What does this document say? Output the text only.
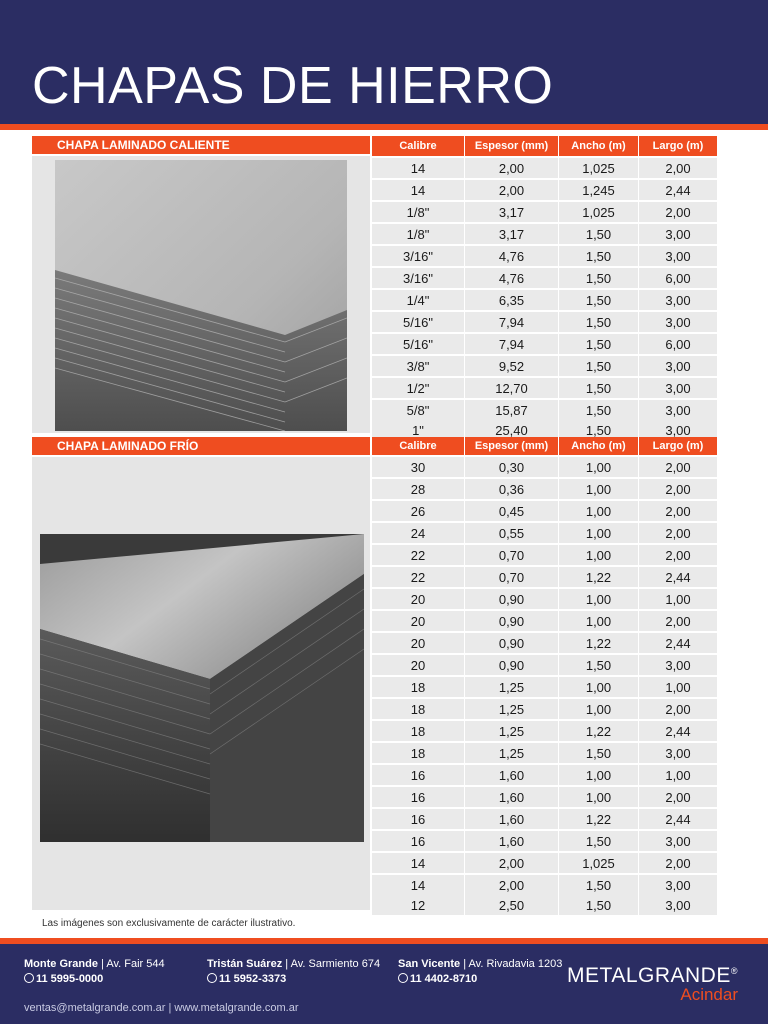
CHAPAS DE HIERRO
CHAPA LAMINADO CALIENTE	Calibre	Espesor (mm)	Ancho (m)	Largo (m)
14	2,00	1,025	2,00
14	2,00	1,245	2,44
1/8"	3,17	1,025	2,00
1/8"	3,17	1,50	3,00
3/16"	4,76	1,50	3,00
3/16"	4,76	1,50	6,00
1/4"	6,35	1,50	3,00
5/16"	7,94	1,50	3,00
5/16"	7,94	1,50	6,00
3/8"	9,52	1,50	3,00
1/2"	12,70	1,50	3,00
5/8"	15,87	1,50	3,00
1"	25,40	1,50	3,00
CHAPA LAMINADO FRÍO	Calibre	Espesor (mm)	Ancho (m)	Largo (m)
30	0,30	1,00	2,00
28	0,36	1,00	2,00
26	0,45	1,00	2,00
24	0,55	1,00	2,00
22	0,70	1,00	2,00
22	0,70	1,22	2,44
20	0,90	1,00	1,00
20	0,90	1,00	2,00
20	0,90	1,22	2,44
20	0,90	1,50	3,00
18	1,25	1,00	1,00
18	1,25	1,00	2,00
18	1,25	1,22	2,44
18	1,25	1,50	3,00
16	1,60	1,00	1,00
16	1,60	1,00	2,00
16	1,60	1,22	2,44
16	1,60	1,50	3,00
14	2,00	1,025	2,00
14	2,00	1,50	3,00
12	2,50	1,50	3,00
Las imágenes son exclusivamente de carácter ilustrativo.
Monte Grande | Av. Fair 544
11 5995-0000
Tristán Suárez | Av. Sarmiento 674
11 5952-3373
San Vicente | Av. Rivadavia 1203
11 4402-8710
ventas@metalgrande.com.ar | www.metalgrande.com.ar
METALGRANDE®
Acindar
